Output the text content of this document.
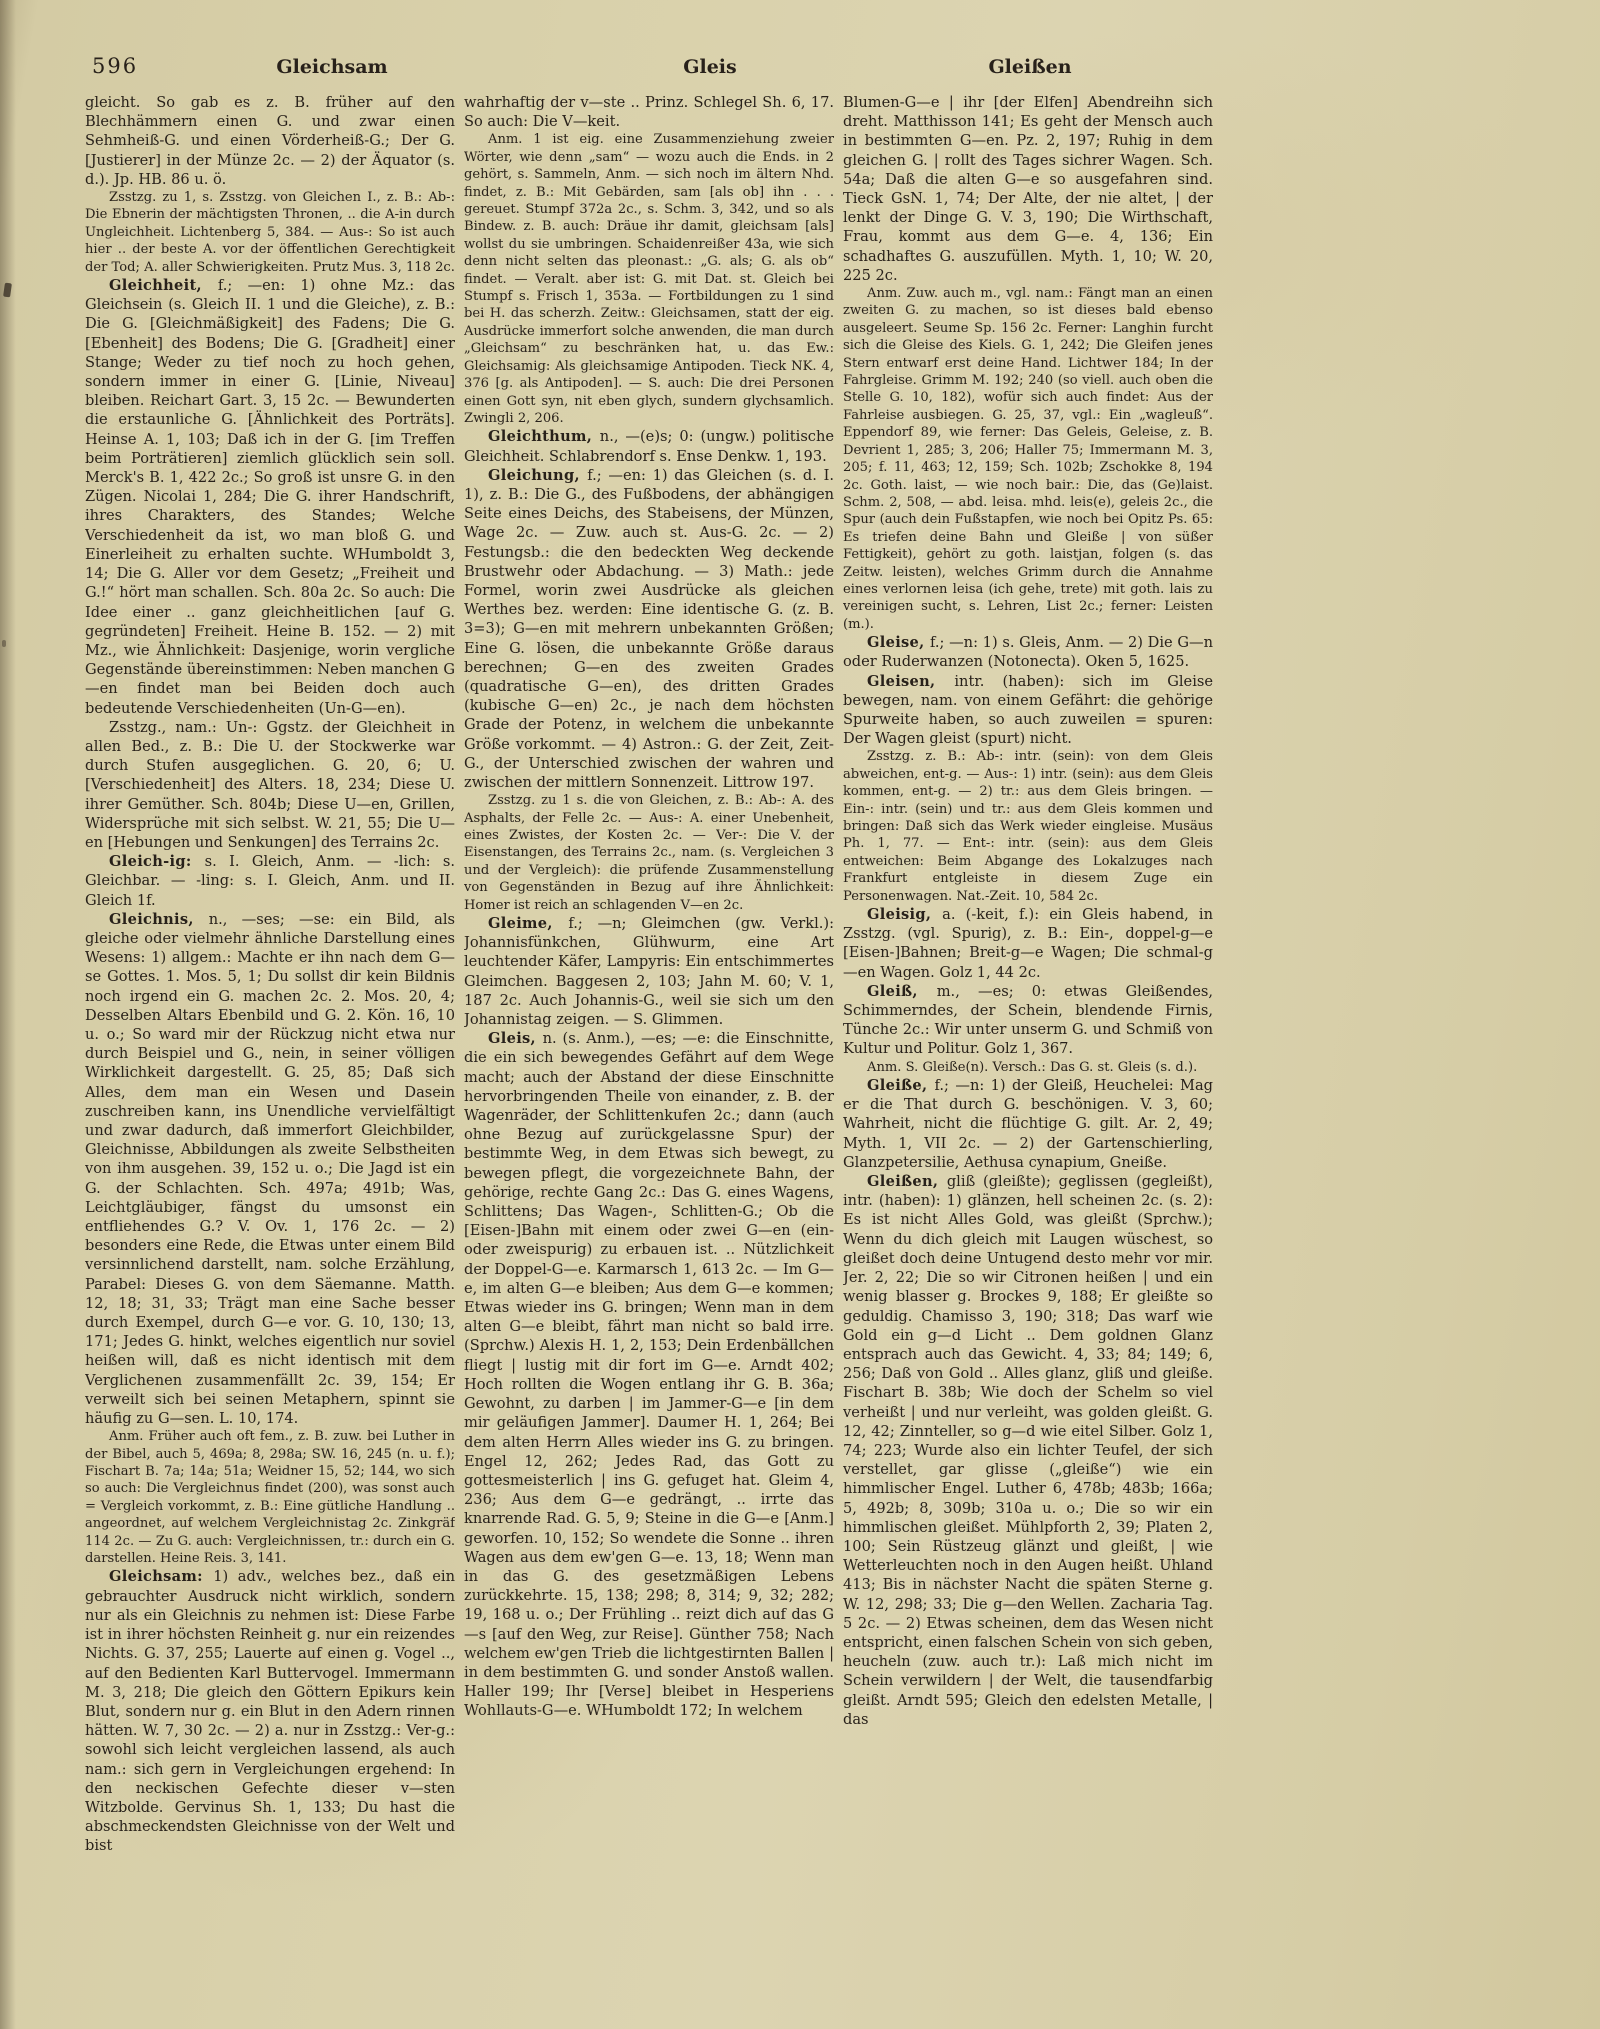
596	Gleichsam	Gleis	Gleißen

gleicht. So gab es z. B. früher auf den Blechhämmern einen G. und zwar einen Sehmheiß-G. und einen Vörderheiß-G.; Der G. [Justierer] in der Münze 2c. — 2) der Äquator (s. d.). Jp. HB. 86 u. ö.

Zsstzg. zu 1, s. Zsstzg. von Gleichen I., z. B.: Ab-: Die Ebnerin der mächtigsten Thronen, .. die A-in durch Ungleichheit. Lichtenberg 5, 384. — Aus-: So ist auch hier .. der beste A. vor der öffentlichen Gerechtigkeit der Tod; A. aller Schwierigkeiten. Prutz Mus. 3, 118 2c.

Gleichheit, f.; —en: 1) ohne Mz.: das Gleichsein (s. Gleich II. 1 und die Gleiche), z. B.: Die G. [Gleichmäßigkeit] des Fadens; Die G. [Ebenheit] des Bodens; Die G. [Gradheit] einer Stange; Weder zu tief noch zu hoch gehen, sondern immer in einer G. [Linie, Niveau] bleiben. Reichart Gart. 3, 15 2c. — Bewunderten die erstaunliche G. [Ähnlichkeit des Porträts]. Heinse A. 1, 103; Daß ich in der G. [im Treffen beim Porträtieren] ziemlich glücklich sein soll. Merck's B. 1, 422 2c.; So groß ist unsre G. in den Zügen. Nicolai 1, 284; Die G. ihrer Handschrift, ihres Charakters, des Standes; Welche Verschiedenheit da ist, wo man bloß G. und Einerleiheit zu erhalten suchte. WHumboldt 3, 14; Die G. Aller vor dem Gesetz; „Freiheit und G.!“ hört man schallen. Sch. 80a 2c. So auch: Die Idee einer .. ganz gleichheitlichen [auf G. gegründeten] Freiheit. Heine B. 152. — 2) mit Mz., wie Ähnlichkeit: Dasjenige, worin vergliche Gegenstände übereinstimmen: Neben manchen G—en findet man bei Beiden doch auch bedeutende Verschiedenheiten (Un-G—en).

Zsstzg., nam.: Un-: Ggstz. der Gleichheit in allen Bed., z. B.: Die U. der Stockwerke war durch Stufen ausgeglichen. G. 20, 6; U. [Verschiedenheit] des Alters. 18, 234; Diese U. ihrer Gemüther. Sch. 804b; Diese U—en, Grillen, Widersprüche mit sich selbst. W. 21, 55; Die U—en [Hebungen und Senkungen] des Terrains 2c.

Gleich-ig: s. I. Gleich, Anm. — -lich: s. Gleichbar. — -ling: s. I. Gleich, Anm. und II. Gleich 1f.

Gleichnis, n., —ses; —se: ein Bild, als gleiche oder vielmehr ähnliche Darstellung eines Wesens: 1) allgem.: Machte er ihn nach dem G—se Gottes. 1. Mos. 5, 1; Du sollst dir kein Bildnis noch irgend ein G. machen 2c. 2. Mos. 20, 4; Desselben Altars Ebenbild und G. 2. Kön. 16, 10 u. o.; So ward mir der Rückzug nicht etwa nur durch Beispiel und G., nein, in seiner völligen Wirklichkeit dargestellt. G. 25, 85; Daß sich Alles, dem man ein Wesen und Dasein zuschreiben kann, ins Unendliche vervielfältigt und zwar dadurch, daß immerfort Gleichbilder, Gleichnisse, Abbildungen als zweite Selbstheiten von ihm ausgehen. 39, 152 u. o.; Die Jagd ist ein G. der Schlachten. Sch. 497a; 491b; Was, Leichtgläubiger, fängst du umsonst ein entfliehendes G.? V. Ov. 1, 176 2c. — 2) besonders eine Rede, die Etwas unter einem Bild versinnlichend darstellt, nam. solche Erzählung, Parabel: Dieses G. von dem Säemanne. Matth. 12, 18; 31, 33; Trägt man eine Sache besser durch Exempel, durch G—e vor. G. 10, 130; 13, 171; Jedes G. hinkt, welches eigentlich nur soviel heißen will, daß es nicht identisch mit dem Verglichenen zusammenfällt 2c. 39, 154; Er verweilt sich bei seinen Metaphern, spinnt sie häufig zu G—sen. L. 10, 174.

Anm. Früher auch oft fem., z. B. zuw. bei Luther in der Bibel, auch 5, 469a; 8, 298a; SW. 16, 245 (n. u. f.); Fischart B. 7a; 14a; 51a; Weidner 15, 52; 144, wo sich so auch: Die Vergleichnus findet (200), was sonst auch = Vergleich vorkommt, z. B.: Eine gütliche Handlung .. angeordnet, auf welchem Vergleichnistag 2c. Zinkgräf 114 2c. — Zu G. auch: Vergleichnissen, tr.: durch ein G. darstellen. Heine Reis. 3, 141.

Gleichsam: 1) adv., welches bez., daß ein gebrauchter Ausdruck nicht wirklich, sondern nur als ein Gleichnis zu nehmen ist: Diese Farbe ist in ihrer höchsten Reinheit g. nur ein reizendes Nichts. G. 37, 255; Lauerte auf einen g. Vogel .., auf den Bedienten Karl Buttervogel. Immermann M. 3, 218; Die gleich den Göttern Epikurs kein Blut, sondern nur g. ein Blut in den Adern rinnen hätten. W. 7, 30 2c. — 2) a. nur in Zsstzg.: Ver-g.: sowohl sich leicht vergleichen lassend, als auch nam.: sich gern in Vergleichungen ergehend: In den neckischen Gefechte dieser v—sten Witzbolde. Gervinus Sh. 1, 133; Du hast die abschmeckendsten Gleichnisse von der Welt und bist

wahrhaftig der v—ste .. Prinz. Schlegel Sh. 6, 17. So auch: Die V—keit.

Anm. 1 ist eig. eine Zusammenziehung zweier Wörter, wie denn „sam“ — wozu auch die Ends. in 2 gehört, s. Sammeln, Anm. — sich noch im ältern Nhd. findet, z. B.: Mit Gebärden, sam [als ob] ihn . . . gereuet. Stumpf 372a 2c., s. Schm. 3, 342, und so als Bindew. z. B. auch: Dräue ihr damit, gleichsam [als] wollst du sie umbringen. Schaidenreißer 43a, wie sich denn nicht selten das pleonast.: „G. als; G. als ob“ findet. — Veralt. aber ist: G. mit Dat. st. Gleich bei Stumpf s. Frisch 1, 353a. — Fortbildungen zu 1 sind bei H. das scherzh. Zeitw.: Gleichsamen, statt der eig. Ausdrücke immerfort solche anwenden, die man durch „Gleichsam“ zu beschränken hat, u. das Ew.: Gleichsamig: Als gleichsamige Antipoden. Tieck NK. 4, 376 [g. als Antipoden]. — S. auch: Die drei Personen einen Gott syn, nit eben glych, sundern glychsamlich. Zwingli 2, 206.

Gleichthum, n., —(e)s; 0: (ungw.) politische Gleichheit. Schlabrendorf s. Ense Denkw. 1, 193.

Gleichung, f.; —en: 1) das Gleichen (s. d. I. 1), z. B.: Die G., des Fußbodens, der abhängigen Seite eines Deichs, des Stabeisens, der Münzen, Wage 2c. — Zuw. auch st. Aus-G. 2c. — 2) Festungsb.: die den bedeckten Weg deckende Brustwehr oder Abdachung. — 3) Math.: jede Formel, worin zwei Ausdrücke als gleichen Werthes bez. werden: Eine identische G. (z. B. 3=3); G—en mit mehrern unbekannten Größen; Eine G. lösen, die unbekannte Größe daraus berechnen; G—en des zweiten Grades (quadratische G—en), des dritten Grades (kubische G—en) 2c., je nach dem höchsten Grade der Potenz, in welchem die unbekannte Größe vorkommt. — 4) Astron.: G. der Zeit, Zeit-G., der Unterschied zwischen der wahren und zwischen der mittlern Sonnenzeit. Littrow 197.

Zsstzg. zu 1 s. die von Gleichen, z. B.: Ab-: A. des Asphalts, der Felle 2c. — Aus-: A. einer Unebenheit, eines Zwistes, der Kosten 2c. — Ver-: Die V. der Eisenstangen, des Terrains 2c., nam. (s. Vergleichen 3 und der Vergleich): die prüfende Zusammenstellung von Gegenständen in Bezug auf ihre Ähnlichkeit: Homer ist reich an schlagenden V—en 2c.

Gleime, f.; —n; Gleimchen (gw. Verkl.): Johannisfünkchen, Glühwurm, eine Art leuchtender Käfer, Lampyris: Ein entschimmertes Gleimchen. Baggesen 2, 103; Jahn M. 60; V. 1, 187 2c. Auch Johannis-G., weil sie sich um den Johannistag zeigen. — S. Glimmen.

Gleis, n. (s. Anm.), —es; —e: die Einschnitte, die ein sich bewegendes Gefährt auf dem Wege macht; auch der Abstand der diese Einschnitte hervorbringenden Theile von einander, z. B. der Wagenräder, der Schlittenkufen 2c.; dann (auch ohne Bezug auf zurückgelassne Spur) der bestimmte Weg, in dem Etwas sich bewegt, zu bewegen pflegt, die vorgezeichnete Bahn, der gehörige, rechte Gang 2c.: Das G. eines Wagens, Schlittens; Das Wagen-, Schlitten-G.; Ob die [Eisen-]Bahn mit einem oder zwei G—en (ein- oder zweispurig) zu erbauen ist. .. Nützlichkeit der Doppel-G—e. Karmarsch 1, 613 2c. — Im G—e, im alten G—e bleiben; Aus dem G—e kommen; Etwas wieder ins G. bringen; Wenn man in dem alten G—e bleibt, fährt man nicht so bald irre. (Sprchw.) Alexis H. 1, 2, 153; Dein Erdenbällchen fliegt | lustig mit dir fort im G—e. Arndt 402; Hoch rollten die Wogen entlang ihr G. B. 36a; Gewohnt, zu darben | im Jammer-G—e [in dem mir geläufigen Jammer]. Daumer H. 1, 264; Bei dem alten Herrn Alles wieder ins G. zu bringen. Engel 12, 262; Jedes Rad, das Gott zu gottesmeisterlich | ins G. gefuget hat. Gleim 4, 236; Aus dem G—e gedrängt, .. irrte das knarrende Rad. G. 5, 9; Steine in die G—e [Anm.] geworfen. 10, 152; So wendete die Sonne .. ihren Wagen aus dem ew'gen G—e. 13, 18; Wenn man in das G. des gesetzmäßigen Lebens zurückkehrte. 15, 138; 298; 8, 314; 9, 32; 282; 19, 168 u. o.; Der Frühling .. reizt dich auf das G—s [auf den Weg, zur Reise]. Günther 758; Nach welchem ew'gen Trieb die lichtgestirnten Ballen | in dem bestimmten G. und sonder Anstoß wallen. Haller 199; Ihr [Verse] bleibet in Hesperiens Wohllauts-G—e. WHumboldt 172; In welchem

Blumen-G—e | ihr [der Elfen] Abendreihn sich dreht. Matthisson 141; Es geht der Mensch auch in bestimmten G—en. Pz. 2, 197; Ruhig in dem gleichen G. | rollt des Tages sichrer Wagen. Sch. 54a; Daß die alten G—e so ausgefahren sind. Tieck GsN. 1, 74; Der Alte, der nie altet, | der lenkt der Dinge G. V. 3, 190; Die Wirthschaft, Frau, kommt aus dem G—e. 4, 136; Ein schadhaftes G. auszufüllen. Myth. 1, 10; W. 20, 225 2c.

Anm. Zuw. auch m., vgl. nam.: Fängt man an einen zweiten G. zu machen, so ist dieses bald ebenso ausgeleert. Seume Sp. 156 2c. Ferner: Langhin furcht sich die Gleise des Kiels. G. 1, 242; Die Gleifen jenes Stern entwarf erst deine Hand. Lichtwer 184; In der Fahrgleise. Grimm M. 192; 240 (so viell. auch oben die Stelle G. 10, 182), wofür sich auch findet: Aus der Fahrleise ausbiegen. G. 25, 37, vgl.: Ein „wagleuß“. Eppendorf 89, wie ferner: Das Geleis, Geleise, z. B. Devrient 1, 285; 3, 206; Haller 75; Immermann M. 3, 205; f. 11, 463; 12, 159; Sch. 102b; Zschokke 8, 194 2c. Goth. laist, — wie noch bair.: Die, das (Ge)laist. Schm. 2, 508, — abd. leisa. mhd. leis(e), geleis 2c., die Spur (auch dein Fußstapfen, wie noch bei Opitz Ps. 65: Es triefen deine Bahn und Gleiße | von süßer Fettigkeit), gehört zu goth. laistjan, folgen (s. das Zeitw. leisten), welches Grimm durch die Annahme eines verlornen leisa (ich gehe, trete) mit goth. lais zu vereinigen sucht, s. Lehren, List 2c.; ferner: Leisten (m.).

Gleise, f.; —n: 1) s. Gleis, Anm. — 2) Die G—n oder Ruderwanzen (Notonecta). Oken 5, 1625.

Gleisen, intr. (haben): sich im Gleise bewegen, nam. von einem Gefährt: die gehörige Spurweite haben, so auch zuweilen = spuren: Der Wagen gleist (spurt) nicht.

Zsstzg. z. B.: Ab-: intr. (sein): von dem Gleis abweichen, ent-g. — Aus-: 1) intr. (sein): aus dem Gleis kommen, ent-g. — 2) tr.: aus dem Gleis bringen. — Ein-: intr. (sein) und tr.: aus dem Gleis kommen und bringen: Daß sich das Werk wieder eingleise. Musäus Ph. 1, 77. — Ent-: intr. (sein): aus dem Gleis entweichen: Beim Abgange des Lokalzuges nach Frankfurt entgleiste in diesem Zuge ein Personenwagen. Nat.-Zeit. 10, 584 2c.

Gleisig, a. (-keit, f.): ein Gleis habend, in Zsstzg. (vgl. Spurig), z. B.: Ein-, doppel-g—e [Eisen-]Bahnen; Breit-g—e Wagen; Die schmal-g—en Wagen. Golz 1, 44 2c.

Gleiß, m., —es; 0: etwas Gleißendes, Schimmerndes, der Schein, blendende Firnis, Tünche 2c.: Wir unter unserm G. und Schmiß von Kultur und Politur. Golz 1, 367.

Anm. S. Gleiße(n). Versch.: Das G. st. Gleis (s. d.).

Gleiße, f.; —n: 1) der Gleiß, Heuchelei: Mag er die That durch G. beschönigen. V. 3, 60; Wahrheit, nicht die flüchtige G. gilt. Ar. 2, 49; Myth. 1, VII 2c. — 2) der Gartenschierling, Glanzpetersilie, Aethusa cynapium, Gneiße.

Gleißen, gliß (gleißte); geglissen (gegleißt), intr. (haben): 1) glänzen, hell scheinen 2c. (s. 2): Es ist nicht Alles Gold, was gleißt (Sprchw.); Wenn du dich gleich mit Laugen wüschest, so gleißet doch deine Untugend desto mehr vor mir. Jer. 2, 22; Die so wir Citronen heißen | und ein wenig blasser g. Brockes 9, 188; Er gleißte so geduldig. Chamisso 3, 190; 318; Das warf wie Gold ein g—d Licht .. Dem goldnen Glanz entsprach auch das Gewicht. 4, 33; 84; 149; 6, 256; Daß von Gold .. Alles glanz, gliß und gleiße. Fischart B. 38b; Wie doch der Schelm so viel verheißt | und nur verleiht, was golden gleißt. G. 12, 42; Zinnteller, so g—d wie eitel Silber. Golz 1, 74; 223; Wurde also ein lichter Teufel, der sich verstellet, gar glisse („gleiße“) wie ein himmlischer Engel. Luther 6, 478b; 483b; 166a; 5, 492b; 8, 309b; 310a u. o.; Die so wir ein himmlischen gleißet. Mühlpforth 2, 39; Platen 2, 100; Sein Rüstzeug glänzt und gleißt, | wie Wetterleuchten noch in den Augen heißt. Uhland 413; Bis in nächster Nacht die späten Sterne g. W. 12, 298; 33; Die g—den Wellen. Zacharia Tag. 5 2c. — 2) Etwas scheinen, dem das Wesen nicht entspricht, einen falschen Schein von sich geben, heucheln (zuw. auch tr.): Laß mich nicht im Schein verwildern | der Welt, die tausendfarbig gleißt. Arndt 595; Gleich den edelsten Metalle, | das
